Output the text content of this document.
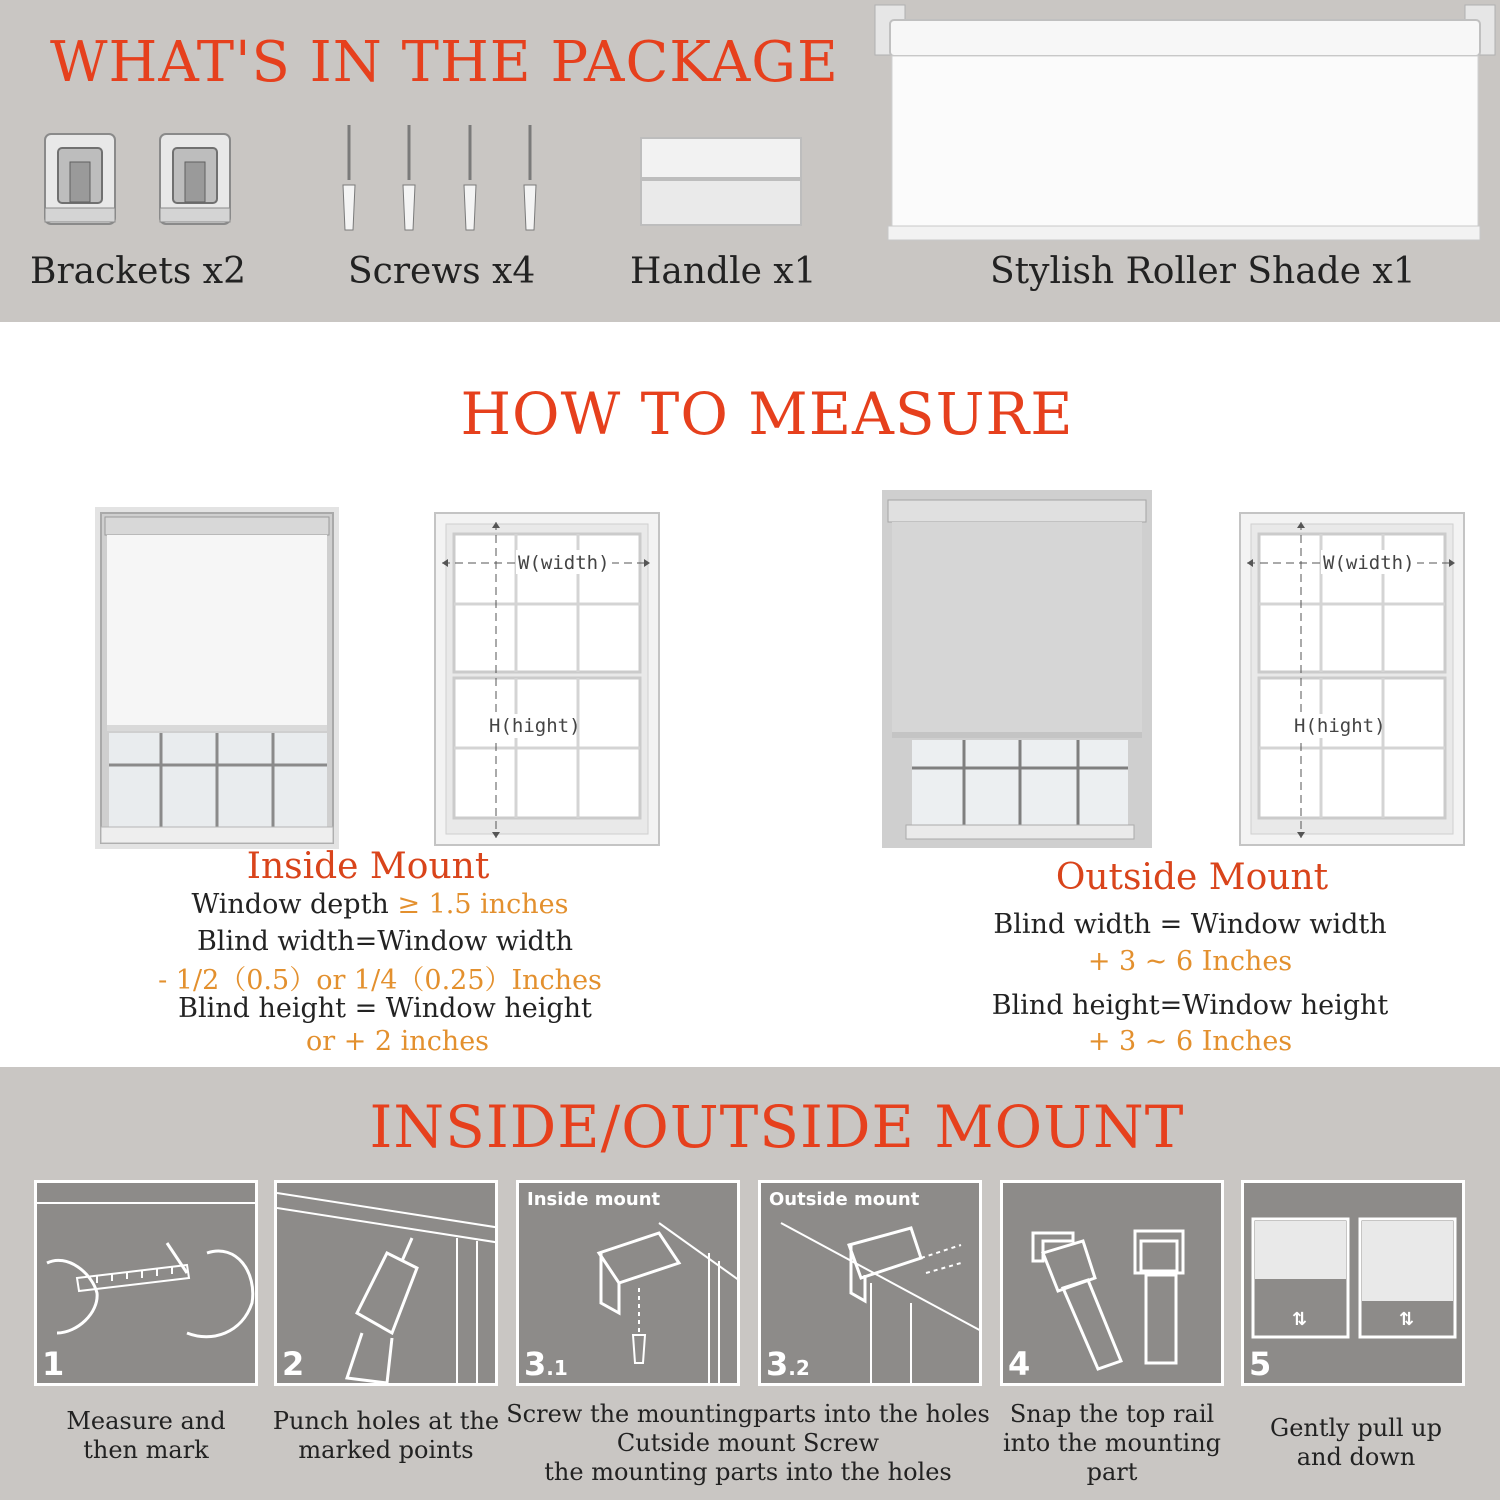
WHAT'S IN THE PACKAGE
Brackets x2	Screws x4	Handle x1	Stylish Roller Shade x1
HOW TO MEASURE
W(width)
H(hight)
W(width)
H(hight)
Inside Mount
Window depth ≥ 1.5 inches
Blind width=Window width
- 1/2（0.5）or 1/4（0.25）Inches
Blind height = Window height
or + 2 inches
Outside Mount
Blind width = Window width
+ 3 ~ 6 Inches
Blind height=Window height
+ 3 ~ 6 Inches
INSIDE/OUTSIDE MOUNT
1
Measure and
then mark
2
Punch holes at the
marked points
Inside mount
3.1
Outside mount
3.2
Screw the mountingparts into the holes
Cutside mount Screw
the mounting parts into the holes
4
Snap the top rail
into the mounting
part
⇅	⇅
5
Gently pull up
and down
